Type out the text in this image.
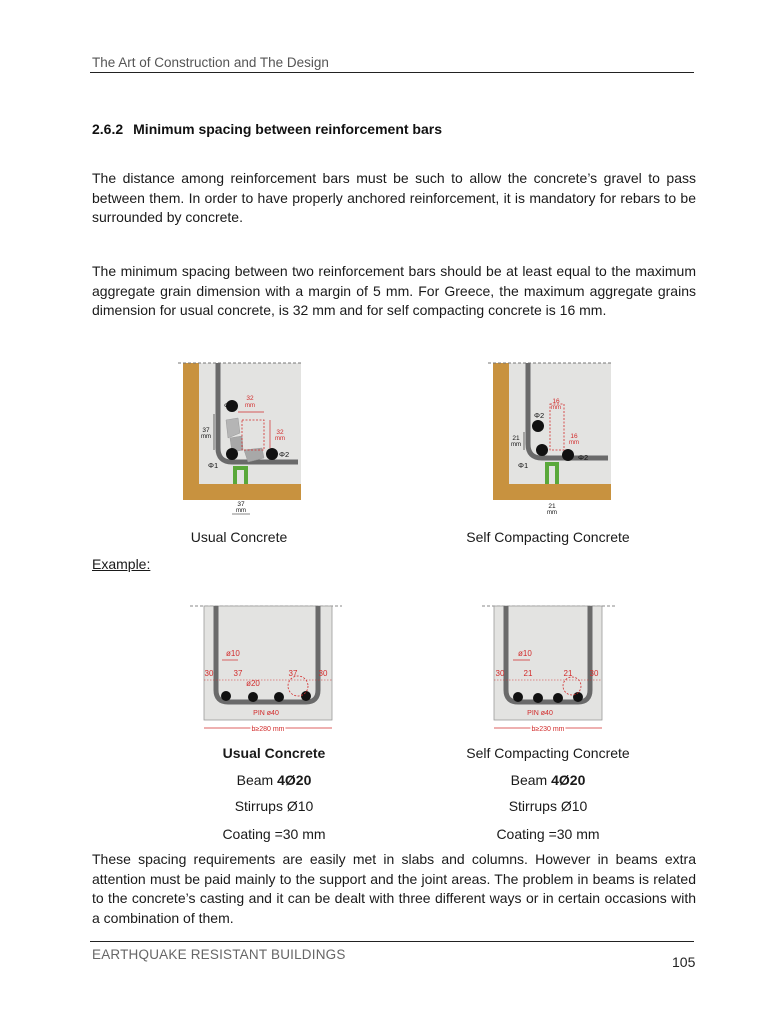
The Art of Construction and The Design
2.6.2 Minimum spacing between reinforcement bars
The distance among reinforcement bars must be such to allow the concrete’s gravel to pass between them. In order to have properly anchored reinforcement, it is mandatory for rebars to be surrounded by concrete.
The minimum spacing between two reinforcement bars should be at least equal to the maximum aggregate grain dimension with a margin of 5 mm. For Greece, the maximum aggregate grains dimension for usual concrete, is 32 mm and for self compacting concrete is 16 mm.
Φ2
Φ1
Φ2
32
mm
32
mm
37
mm
37
mm
Φ2
Φ1
Φ2
16
mm
16
mm
21
mm
21
mm
Usual Concrete	Self Compacting Concrete
Example:
ø10
ø20
30	37	37	30
PIN ø40
b≥280 mm
ø10
30 21	21 30
PIN ø40
b≥230 mm
Usual Concrete
Beam 4Ø20
Stirrups Ø10
Coating =30 mm
Self Compacting Concrete
Beam 4Ø20
Stirrups Ø10
Coating =30 mm
These spacing requirements are easily met in slabs and columns. However in beams extra attention must be paid mainly to the support and the joint areas. The problem in beams is related to the concrete’s casting and it can be dealt with three different ways or in certain occasions with a combination of them.
EARTHQUAKE RESISTANT BUILDINGS	105
